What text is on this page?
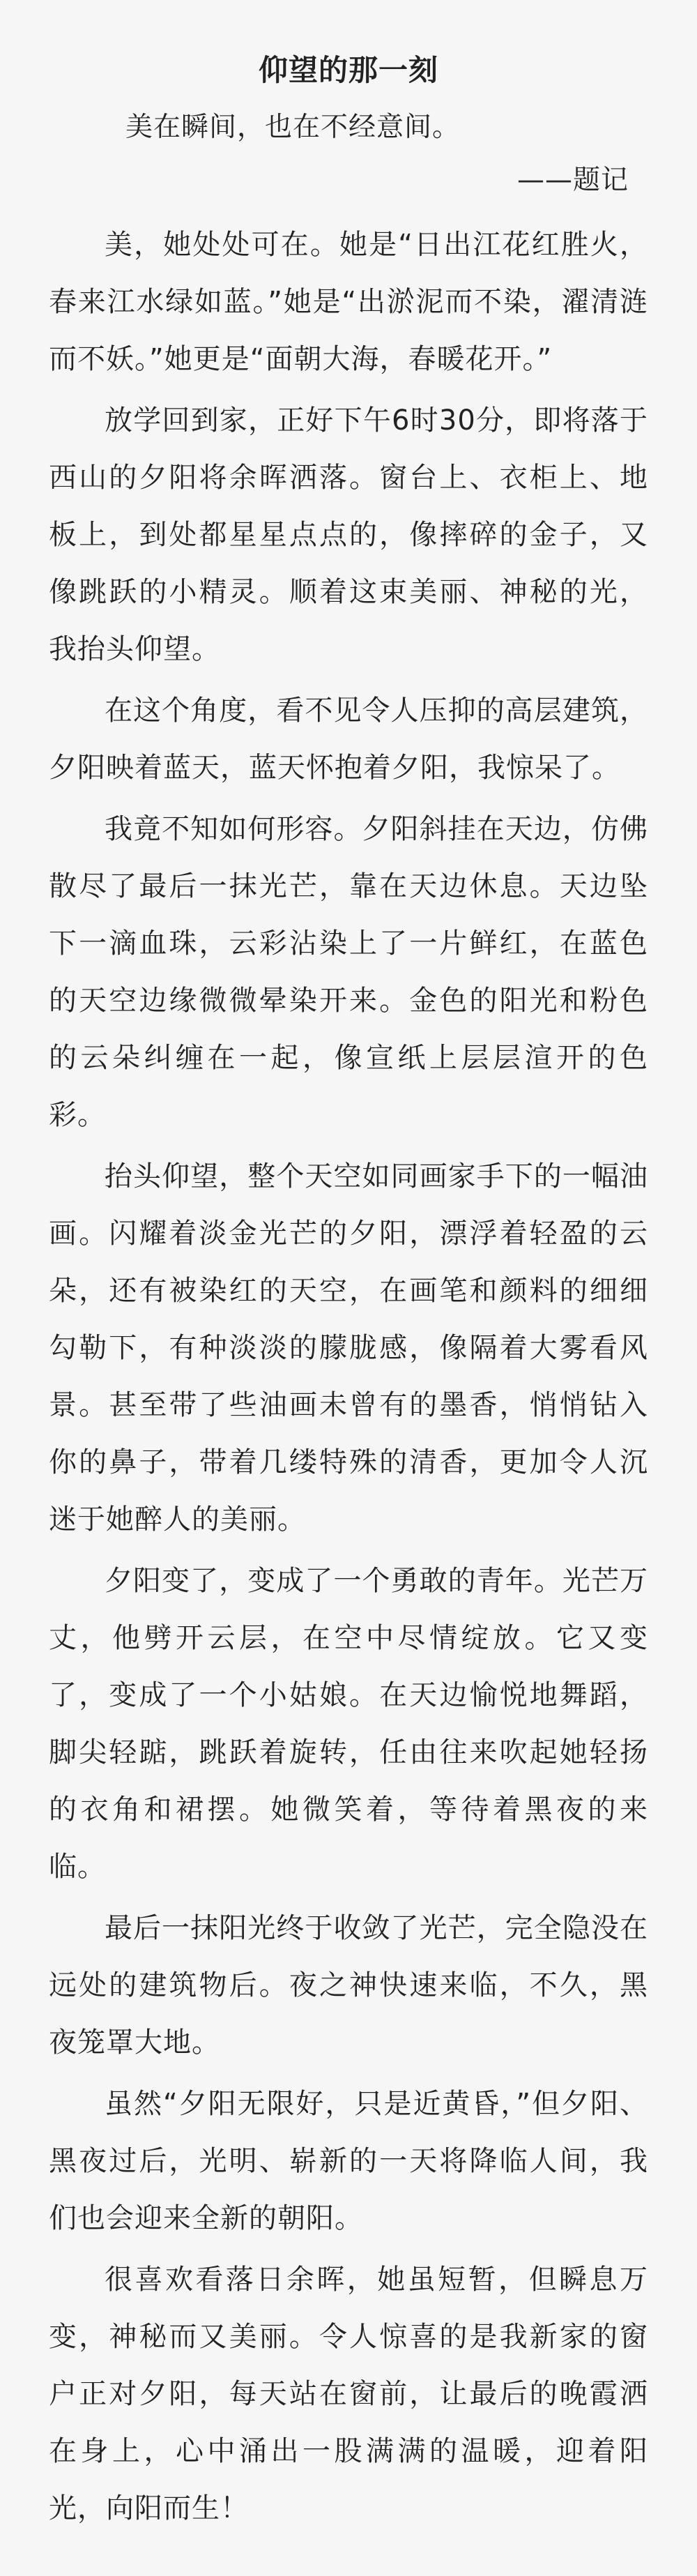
仰望的那一刻
美在瞬间，也在不经意间。
——题记

美，她处处可在。她是“日出江花红胜火，春来江水绿如蓝。”她是“出淤泥而不染，濯清涟而不妖。”她更是“面朝大海，春暖花开。”

放学回到家，正好下午6时30分，即将落于西山的夕阳将余晖洒落。窗台上、衣柜上、地板上，到处都星星点点的，像摔碎的金子，又像跳跃的小精灵。顺着这束美丽、神秘的光，我抬头仰望。

在这个角度，看不见令人压抑的高层建筑，夕阳映着蓝天，蓝天怀抱着夕阳，我惊呆了。

我竟不知如何形容。夕阳斜挂在天边，仿佛散尽了最后一抹光芒，靠在天边休息。天边坠下一滴血珠，云彩沾染上了一片鲜红，在蓝色的天空边缘微微晕染开来。金色的阳光和粉色的云朵纠缠在一起，像宣纸上层层渲开的色彩。

抬头仰望，整个天空如同画家手下的一幅油画。闪耀着淡金光芒的夕阳，漂浮着轻盈的云朵，还有被染红的天空，在画笔和颜料的细细勾勒下，有种淡淡的朦胧感，像隔着大雾看风景。甚至带了些油画未曾有的墨香，悄悄钻入你的鼻子，带着几缕特殊的清香，更加令人沉迷于她醉人的美丽。

夕阳变了，变成了一个勇敢的青年。光芒万丈，他劈开云层，在空中尽情绽放。它又变了，变成了一个小姑娘。在天边愉悦地舞蹈，脚尖轻踮，跳跃着旋转，任由往来吹起她轻扬的衣角和裙摆。她微笑着，等待着黑夜的来临。

最后一抹阳光终于收敛了光芒，完全隐没在远处的建筑物后。夜之神快速来临，不久，黑夜笼罩大地。

虽然“夕阳无限好，只是近黄昏，”但夕阳、黑夜过后，光明、崭新的一天将降临人间，我们也会迎来全新的朝阳。

很喜欢看落日余晖，她虽短暂，但瞬息万变，神秘而又美丽。令人惊喜的是我新家的窗户正对夕阳，每天站在窗前，让最后的晚霞洒在身上，心中涌出一股满满的温暖，迎着阳光，向阳而生！
